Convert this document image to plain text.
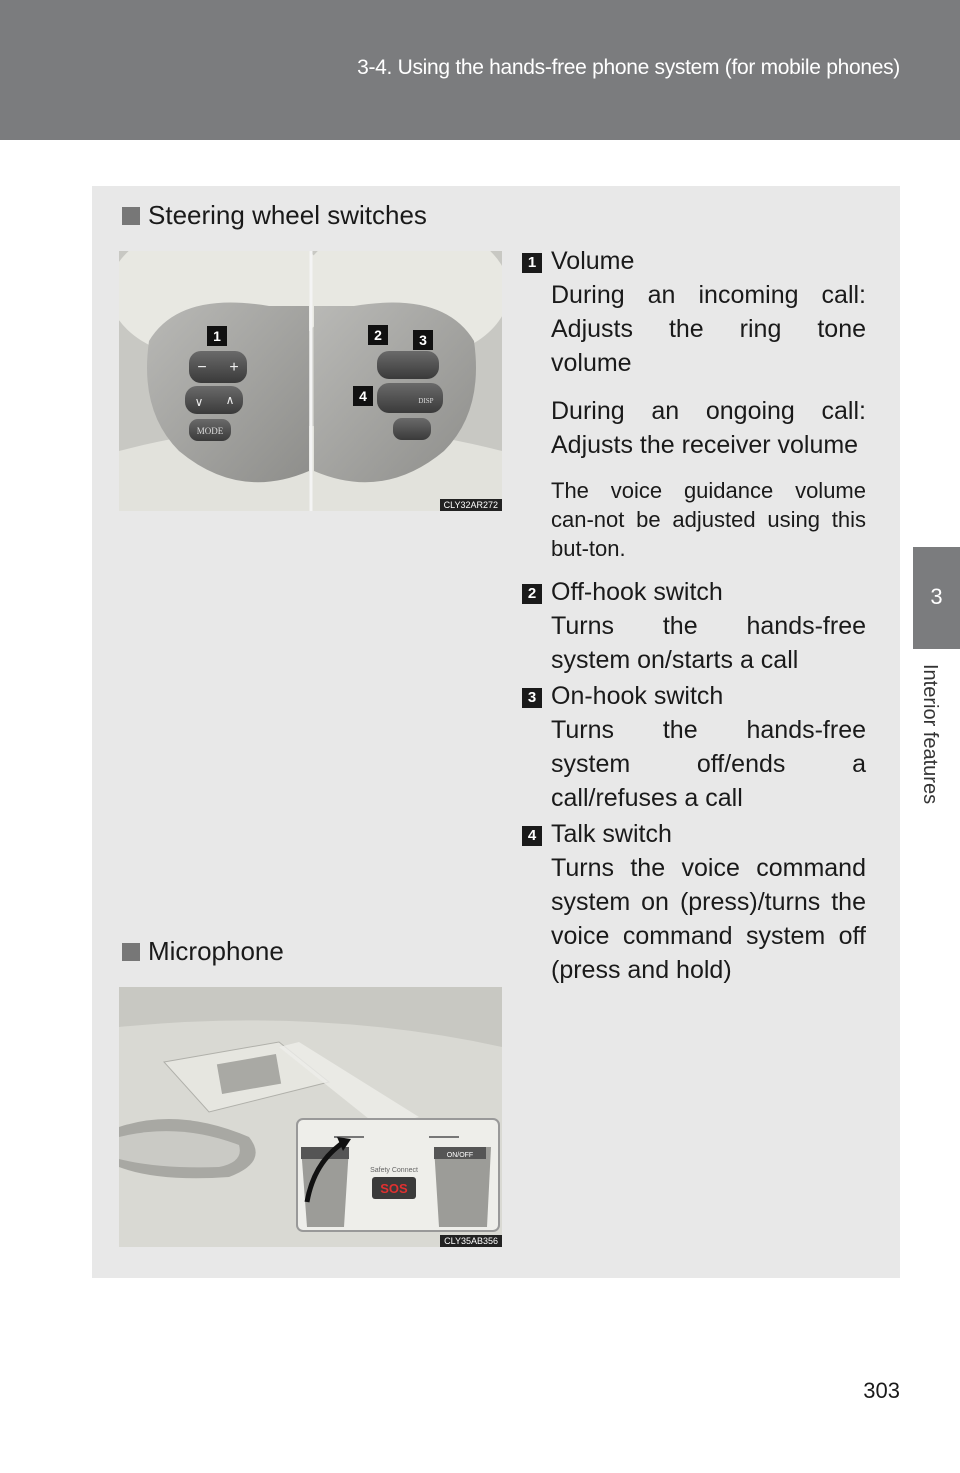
3-4. Using the hands-free phone system (for mobile phones)
Steering wheel switches
MODE
− +
∨ ∧	DISP
1	2	3
4
CLY32AR272
1 Volume

During an incoming call: Adjusts the ring tone volume

During an ongoing call: Adjusts the receiver volume

The voice guidance volume can-not be adjusted using this but-ton.

2 Off-hook switch

Turns the hands-free system on/starts a call

3 On-hook switch

Turns the hands-free system off/ends a call/refuses a call

4 Talk switch

Turns the voice command system on (press)/turns the voice command system off (press and hold)

Microphone
ON/OFF
Safety Connect
SOS
CLY35AB356
3
Interior features
303
